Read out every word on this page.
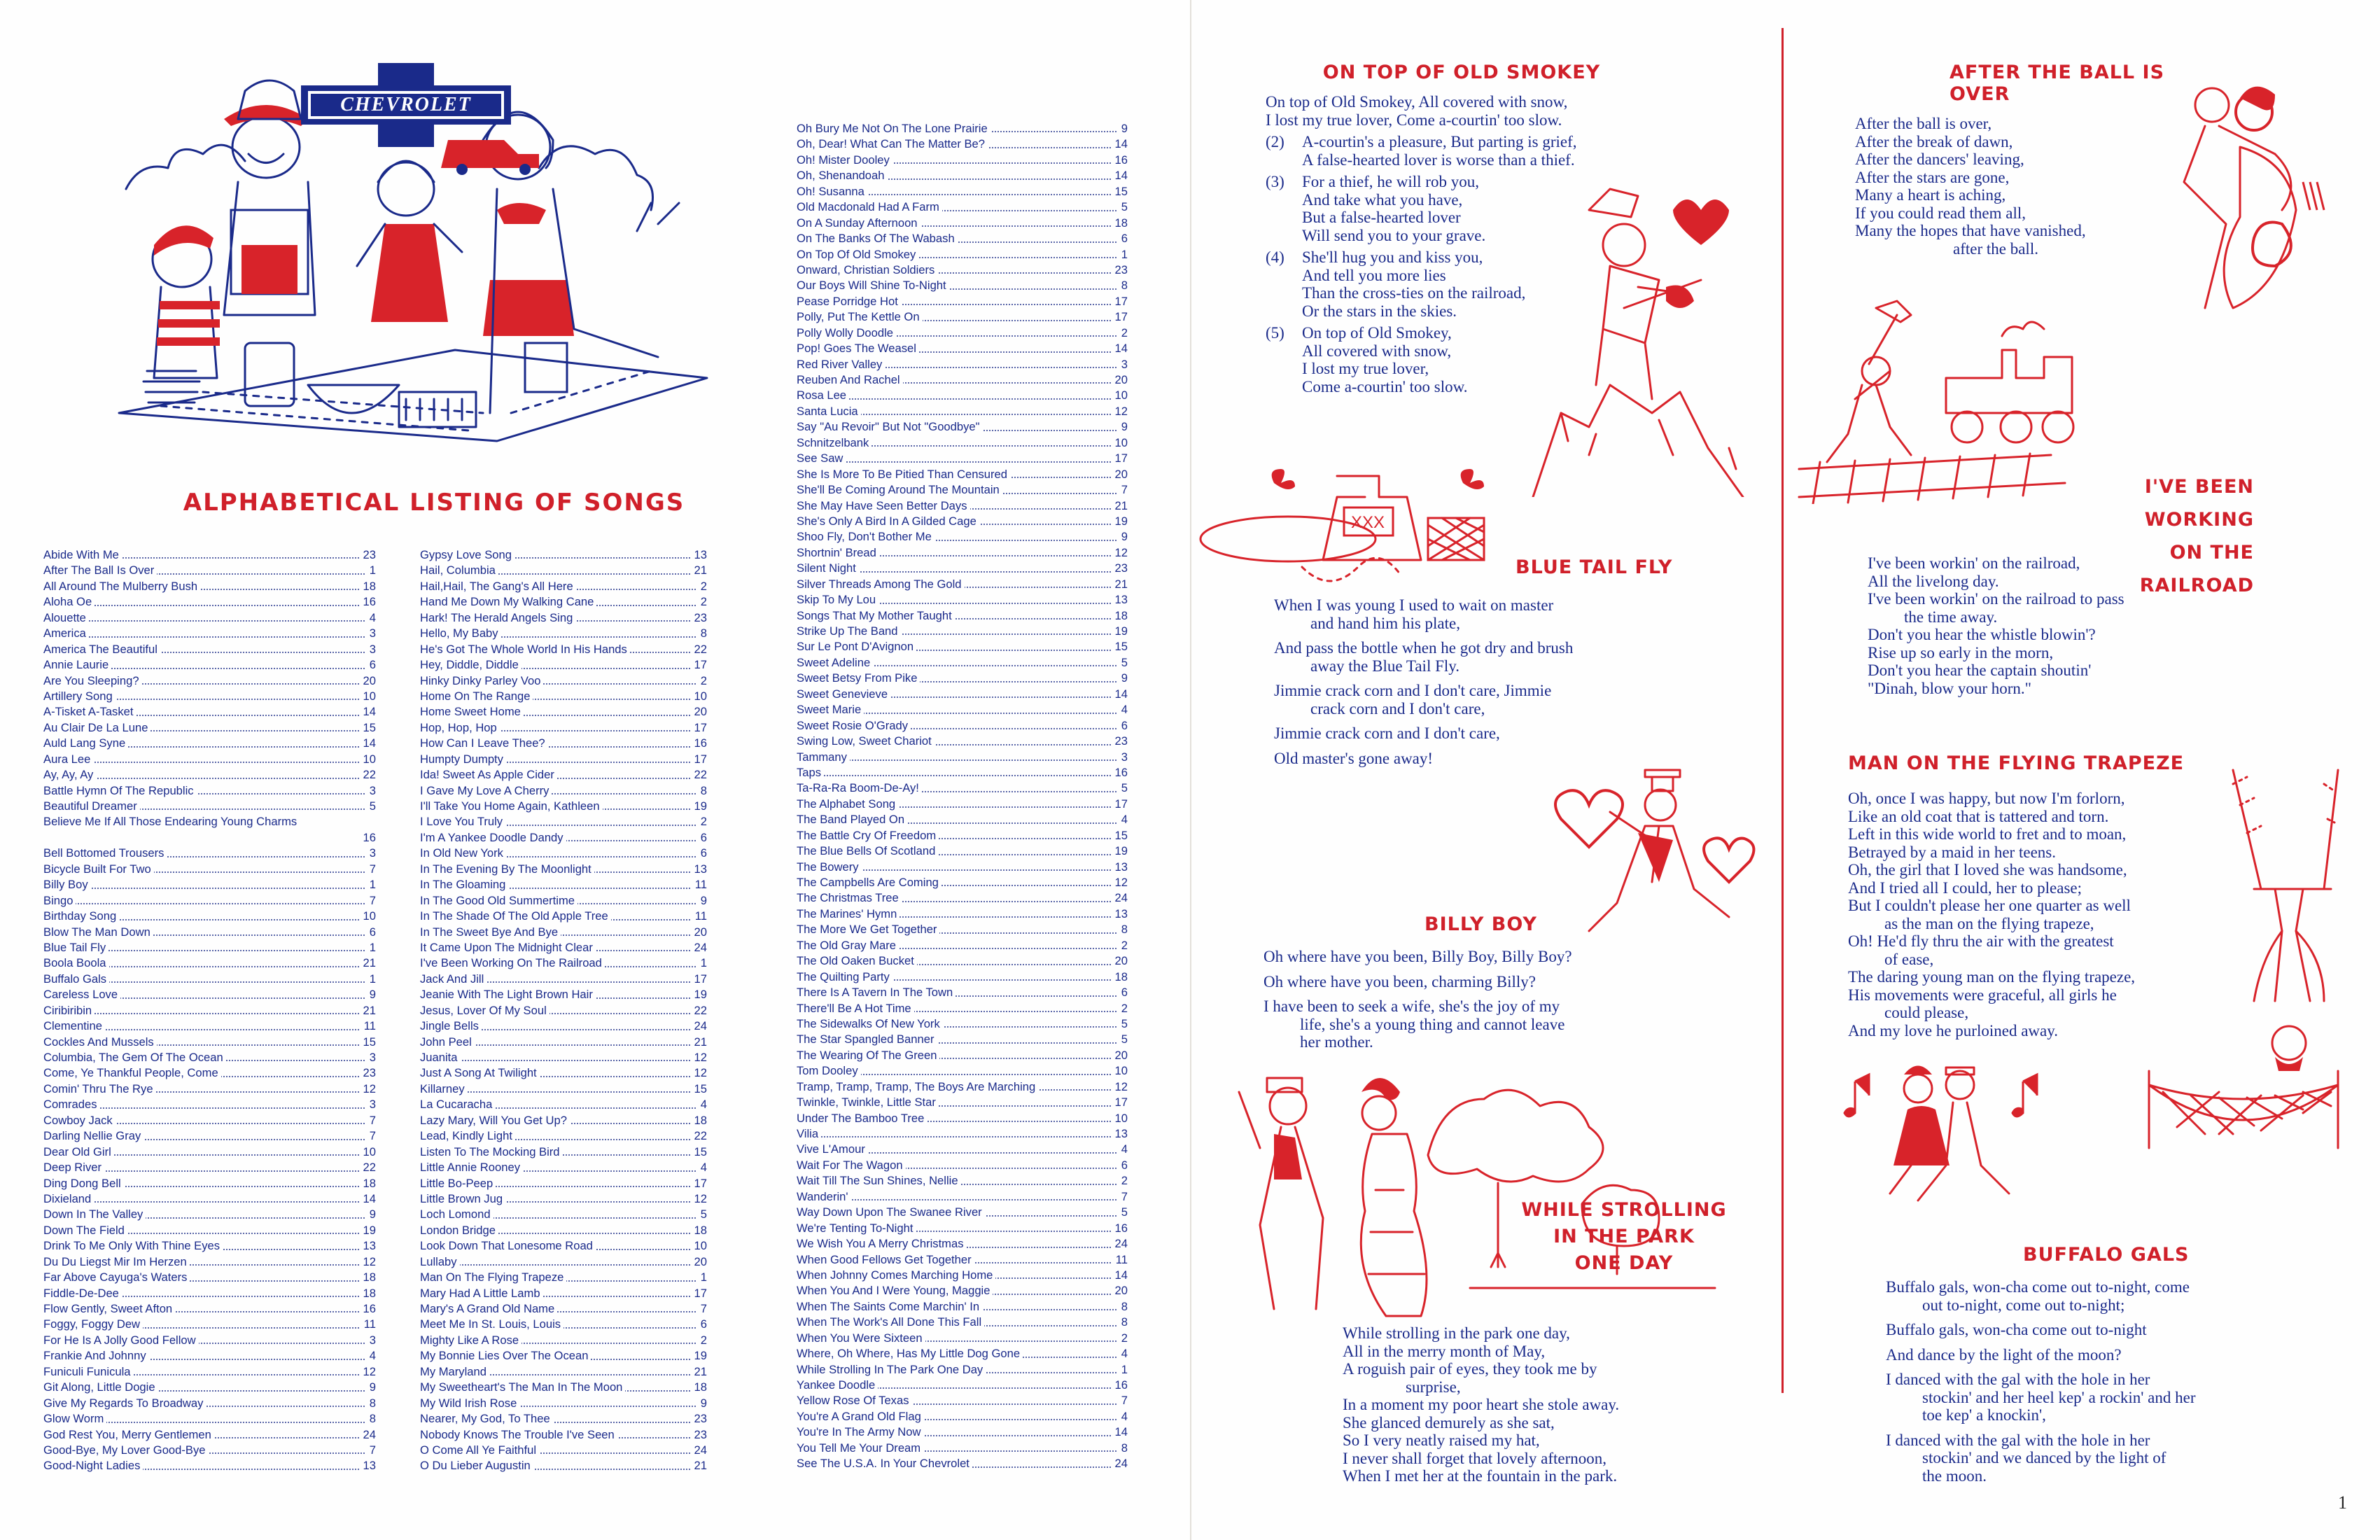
CHEVROLET
ALPHABETICAL LISTING OF SONGS
Abide With Me	23
After The Ball Is Over	1
All Around The Mulberry Bush	18
Aloha Oe	16
Alouette	4
America	3
America The Beautiful	3
Annie Laurie	6
Are You Sleeping?	20
Artillery Song	10
A-Tisket A-Tasket	14
Au Clair De La Lune	15
Auld Lang Syne	14
Aura Lee	10
Ay, Ay, Ay	22
Battle Hymn Of The Republic	3
Beautiful Dreamer	5
Believe Me If All Those Endearing Young Charms
16
Bell Bottomed Trousers	3
Bicycle Built For Two	7
Billy Boy	1
Bingo	7
Birthday Song	10
Blow The Man Down	6
Blue Tail Fly	1
Boola Boola	21
Buffalo Gals	1
Careless Love	9
Ciribiribin	21
Clementine	11
Cockles And Mussels	15
Columbia, The Gem Of The Ocean	3
Come, Ye Thankful People, Come	23
Comin' Thru The Rye	12
Comrades	3
Cowboy Jack	7
Darling Nellie Gray	7
Dear Old Girl	10
Deep River	22
Ding Dong Bell	18
Dixieland	14
Down In The Valley	9
Down The Field	19
Drink To Me Only With Thine Eyes	13
Du Du Liegst Mir Im Herzen	12
Far Above Cayuga's Waters	18
Fiddle-De-Dee	18
Flow Gently, Sweet Afton	16
Foggy, Foggy Dew	11
For He Is A Jolly Good Fellow	3
Frankie And Johnny	4
Funiculi Funicula	12
Git Along, Little Dogie	9
Give My Regards To Broadway	8
Glow Worm	8
God Rest You, Merry Gentlemen	24
Good-Bye, My Lover Good-Bye	7
Good-Night Ladies	13
Gypsy Love Song	13
Hail, Columbia	21
Hail,Hail, The Gang's All Here	2
Hand Me Down My Walking Cane	2
Hark! The Herald Angels Sing	23
Hello, My Baby	8
He's Got The Whole World In His Hands	22
Hey, Diddle, Diddle	17
Hinky Dinky Parley Voo	2
Home On The Range	10
Home Sweet Home	20
Hop, Hop, Hop	17
How Can I Leave Thee?	16
Humpty Dumpty	17
Ida! Sweet As Apple Cider	22
I Gave My Love A Cherry	8
I'll Take You Home Again, Kathleen	19
I Love You Truly	2
I'm A Yankee Doodle Dandy	6
In Old New York	6
In The Evening By The Moonlight	13
In The Gloaming	11
In The Good Old Summertime	9
In The Shade Of The Old Apple Tree	11
In The Sweet Bye And Bye	20
It Came Upon The Midnight Clear	24
I've Been Working On The Railroad	1
Jack And Jill	17
Jeanie With The Light Brown Hair	19
Jesus, Lover Of My Soul	22
Jingle Bells	24
John Peel	21
Juanita	12
Just A Song At Twilight	12
Killarney	15
La Cucaracha	4
Lazy Mary, Will You Get Up?	18
Lead, Kindly Light	22
Listen To The Mocking Bird	15
Little Annie Rooney	4
Little Bo-Peep	17
Little Brown Jug	12
Loch Lomond	5
London Bridge	18
Look Down That Lonesome Road	10
Lullaby	20
Man On The Flying Trapeze	1
Mary Had A Little Lamb	17
Mary's A Grand Old Name	7
Meet Me In St. Louis, Louis	6
Mighty Like A Rose	2
My Bonnie Lies Over The Ocean	19
My Maryland	21
My Sweetheart's The Man In The Moon	18
My Wild Irish Rose	9
Nearer, My God, To Thee	23
Nobody Knows The Trouble I've Seen	23
O Come All Ye Faithful	24
O Du Lieber Augustin	21
Oh Bury Me Not On The Lone Prairie	9
Oh, Dear! What Can The Matter Be?	14
Oh! Mister Dooley	16
Oh, Shenandoah	14
Oh! Susanna	15
Old Macdonald Had A Farm	5
On A Sunday Afternoon	18
On The Banks Of The Wabash	6
On Top Of Old Smokey	1
Onward, Christian Soldiers	23
Our Boys Will Shine To-Night	8
Pease Porridge Hot	17
Polly, Put The Kettle On	17
Polly Wolly Doodle	2
Pop! Goes The Weasel	14
Red River Valley	3
Reuben And Rachel	20
Rosa Lee	10
Santa Lucia	12
Say "Au Revoir" But Not "Goodbye"	9
Schnitzelbank	10
See Saw	17
She Is More To Be Pitied Than Censured	20
She'll Be Coming Around The Mountain	7
She May Have Seen Better Days	21
She's Only A Bird In A Gilded Cage	19
Shoo Fly, Don't Bother Me	9
Shortnin' Bread	12
Silent Night	23
Silver Threads Among The Gold	21
Skip To My Lou	13
Songs That My Mother Taught	18
Strike Up The Band	19
Sur Le Pont D'Avignon	15
Sweet Adeline	5
Sweet Betsy From Pike	9
Sweet Genevieve	14
Sweet Marie	4
Sweet Rosie O'Grady	6
Swing Low, Sweet Chariot	23
Tammany	3
Taps	16
Ta-Ra-Ra Boom-De-Ay!	5
The Alphabet Song	17
The Band Played On	4
The Battle Cry Of Freedom	15
The Blue Bells Of Scotland	19
The Bowery	13
The Campbells Are Coming	12
The Christmas Tree	24
The Marines' Hymn	13
The More We Get Together	8
The Old Gray Mare	2
The Old Oaken Bucket	20
The Quilting Party	18
There Is A Tavern In The Town	6
There'll Be A Hot Time	2
The Sidewalks Of New York	5
The Star Spangled Banner	5
The Wearing Of The Green	20
Tom Dooley	10
Tramp, Tramp, Tramp, The Boys Are Marching	12
Twinkle, Twinkle, Little Star	17
Under The Bamboo Tree	10
Vilia	13
Vive L'Amour	4
Wait For The Wagon	6
Wait Till The Sun Shines, Nellie	2
Wanderin'	7
Way Down Upon The Swanee River	5
We're Tenting To-Night	16
We Wish You A Merry Christmas	24
When Good Fellows Get Together	11
When Johnny Comes Marching Home	14
When You And I Were Young, Maggie	20
When The Saints Come Marchin' In	8
When The Work's All Done This Fall	8
When You Were Sixteen	2
Where, Oh Where, Has My Little Dog Gone	4
While Strolling In The Park One Day	1
Yankee Doodle	16
Yellow Rose Of Texas	7
You're A Grand Old Flag	4
You're In The Army Now	14
You Tell Me Your Dream	8
See The U.S.A. In Your Chevrolet	24
ON TOP OF OLD SMOKEY
On top of Old Smokey, All covered with snow,
I lost my true lover, Come a-courtin' too slow.
(2)	A-courtin's a pleasure, But parting is grief,
A false-hearted lover is worse than a thief.
(3)	For a thief, he will rob you,
And take what you have,
But a false-hearted lover
Will send you to your grave.
(4)	She'll hug you and kiss you,
And tell you more lies
Than the cross-ties on the railroad,
Or the stars in the skies.
(5)	On top of Old Smokey,
All covered with snow,
I lost my true lover,
Come a-courtin' too slow.
XXX
BLUE TAIL FLY
When I was young I used to wait on master
and hand him his plate,
And pass the bottle when he got dry and brush
away the Blue Tail Fly.
Jimmie crack corn and I don't care, Jimmie
crack corn and I don't care,
Jimmie crack corn and I don't care,
Old master's gone away!
BILLY BOY
Oh where have you been, Billy Boy, Billy Boy?
Oh where have you been, charming Billy?
I have been to seek a wife, she's the joy of my
life, she's a young thing and cannot leave
her mother.
WHILE STROLLING
IN THE PARK
ONE DAY
While strolling in the park one day,
All in the merry month of May,
A roguish pair of eyes, they took me by
surprise,
In a moment my poor heart she stole away.
She glanced demurely as she sat,
So I very neatly raised my hat,
I never shall forget that lovely afternoon,
When I met her at the fountain in the park.
AFTER THE BALL IS OVER
After the ball is over,
After the break of dawn,
After the dancers' leaving,
After the stars are gone,
Many a heart is aching,
If you could read them all,
Many the hopes that have vanished,
after the ball.
I'VE BEEN WORKING
ON THE RAILROAD
I've been workin' on the railroad,
All the livelong day.
I've been workin' on the railroad to pass
the time away.
Don't you hear the whistle blowin'?
Rise up so early in the morn,
Don't you hear the captain shoutin'
"Dinah, blow your horn."
MAN ON THE FLYING TRAPEZE
Oh, once I was happy, but now I'm forlorn,
Like an old coat that is tattered and torn.
Left in this wide world to fret and to moan,
Betrayed by a maid in her teens.
Oh, the girl that I loved she was handsome,
And I tried all I could, her to please;
But I couldn't please her one quarter as well
as the man on the flying trapeze,
Oh! He'd fly thru the air with the greatest
of ease,
The daring young man on the flying trapeze,
His movements were graceful, all girls he
could please,
And my love he purloined away.
BUFFALO GALS
Buffalo gals, won-cha come out to-night, come
out to-night, come out to-night;
Buffalo gals, won-cha come out to-night
And dance by the light of the moon?
I danced with the gal with the hole in her
stockin' and her heel kep' a rockin' and her
toe kep' a knockin',
I danced with the gal with the hole in her
stockin' and we danced by the light of
the moon.
1
